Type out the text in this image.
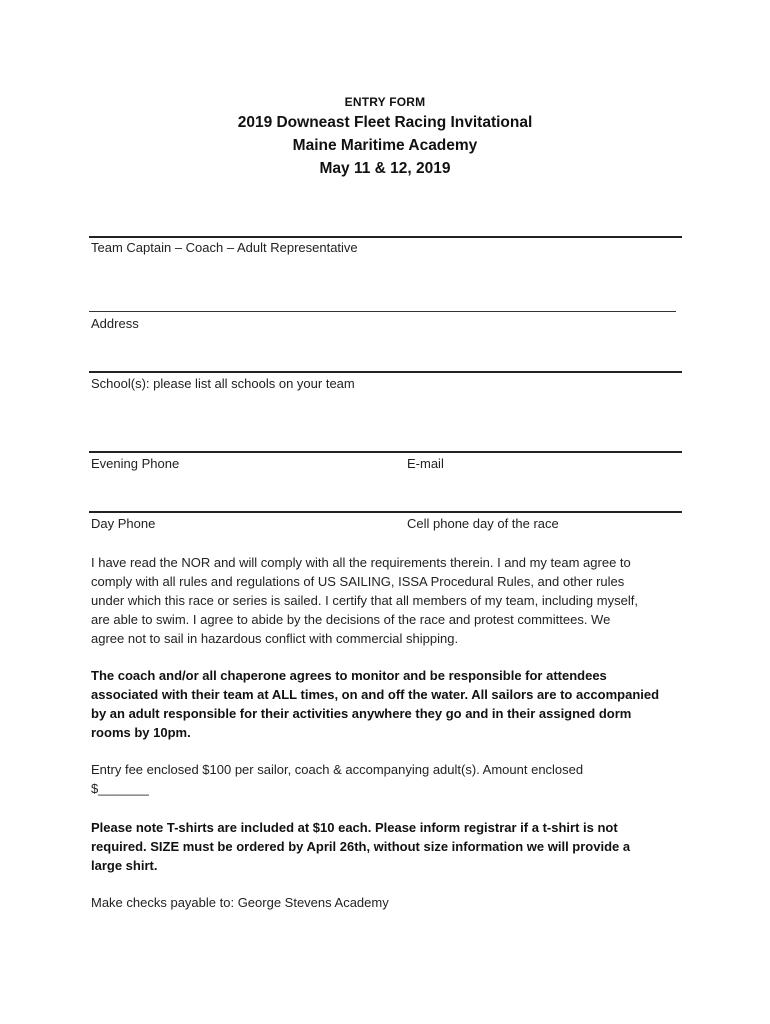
ENTRY FORM
2019 Downeast Fleet Racing Invitational
Maine Maritime Academy
May 11 & 12, 2019
Team Captain – Coach – Adult Representative
Address
School(s): please list all schools on your team
Evening Phone	E-mail
Day Phone	Cell phone day of the race
I have read the NOR and will comply with all the requirements therein. I and my team agree to
comply with all rules and regulations of US SAILING, ISSA Procedural Rules, and other rules
under which this race or series is sailed. I certify that all members of my team, including myself,
are able to swim. I agree to abide by the decisions of the race and protest committees. We
agree not to sail in hazardous conflict with commercial shipping.
The coach and/or all chaperone agrees to monitor and be responsible for attendees
associated with their team at ALL times, on and off the water. All sailors are to accompanied
by an adult responsible for their activities anywhere they go and in their assigned dorm
rooms by 10pm.
Entry fee enclosed $100 per sailor, coach & accompanying adult(s). Amount enclosed
$_______
Please note T-shirts are included at $10 each. Please inform registrar if a t-shirt is not
required. SIZE must be ordered by April 26th, without size information we will provide a
large shirt.
Make checks payable to: George Stevens Academy
